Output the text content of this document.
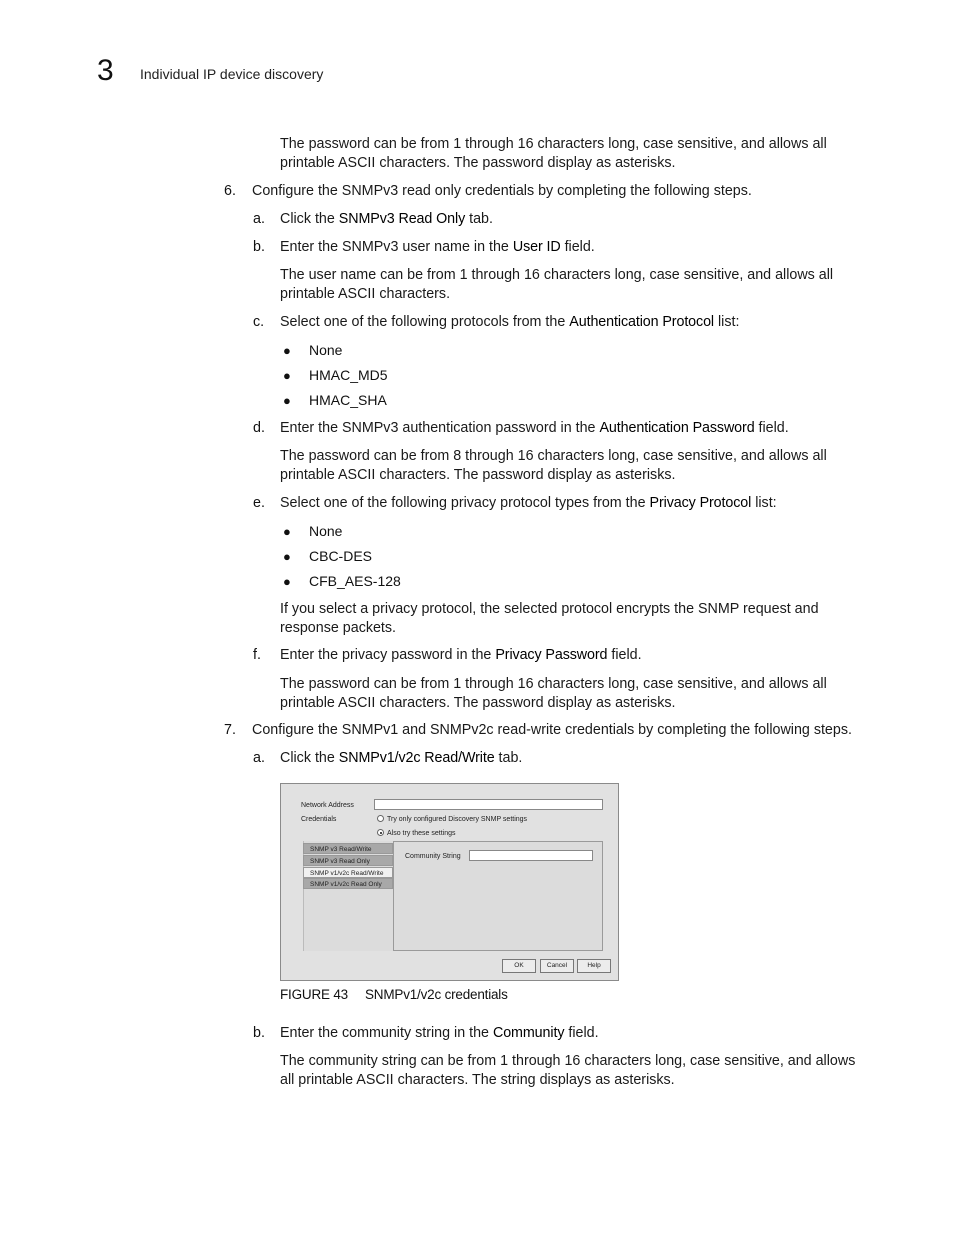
3 Individual IP device discovery
The password can be from 1 through 16 characters long, case sensitive, and allows all printable ASCII characters. The password display as asterisks.
6. Configure the SNMPv3 read only credentials by completing the following steps.
a. Click the SNMPv3 Read Only tab.
b. Enter the SNMPv3 user name in the User ID field.
The user name can be from 1 through 16 characters long, case sensitive, and allows all printable ASCII characters.
c. Select one of the following protocols from the Authentication Protocol list:
● None
● HMAC_MD5
● HMAC_SHA
d. Enter the SNMPv3 authentication password in the Authentication Password field.
The password can be from 8 through 16 characters long, case sensitive, and allows all printable ASCII characters. The password display as asterisks.
e. Select one of the following privacy protocol types from the Privacy Protocol list:
● None
● CBC-DES
● CFB_AES-128
If you select a privacy protocol, the selected protocol encrypts the SNMP request and response packets.
f. Enter the privacy password in the Privacy Password field.
The password can be from 1 through 16 characters long, case sensitive, and allows all printable ASCII characters. The password display as asterisks.
7. Configure the SNMPv1 and SNMPv2c read-write credentials by completing the following steps.
a. Click the SNMPv1/v2c Read/Write tab.
Network Address
Credentials	Try only configured Discovery SNMP settings
Also try these settings
SNMP v3 Read/Write
SNMP v3 Read Only
SNMP v1/v2c Read/Write
SNMP v1/v2c Read Only
Community String
OK	Cancel	Help
FIGURE 43 SNMPv1/v2c credentials
b. Enter the community string in the Community field.
The community string can be from 1 through 16 characters long, case sensitive, and allows all printable ASCII characters. The string displays as asterisks.
